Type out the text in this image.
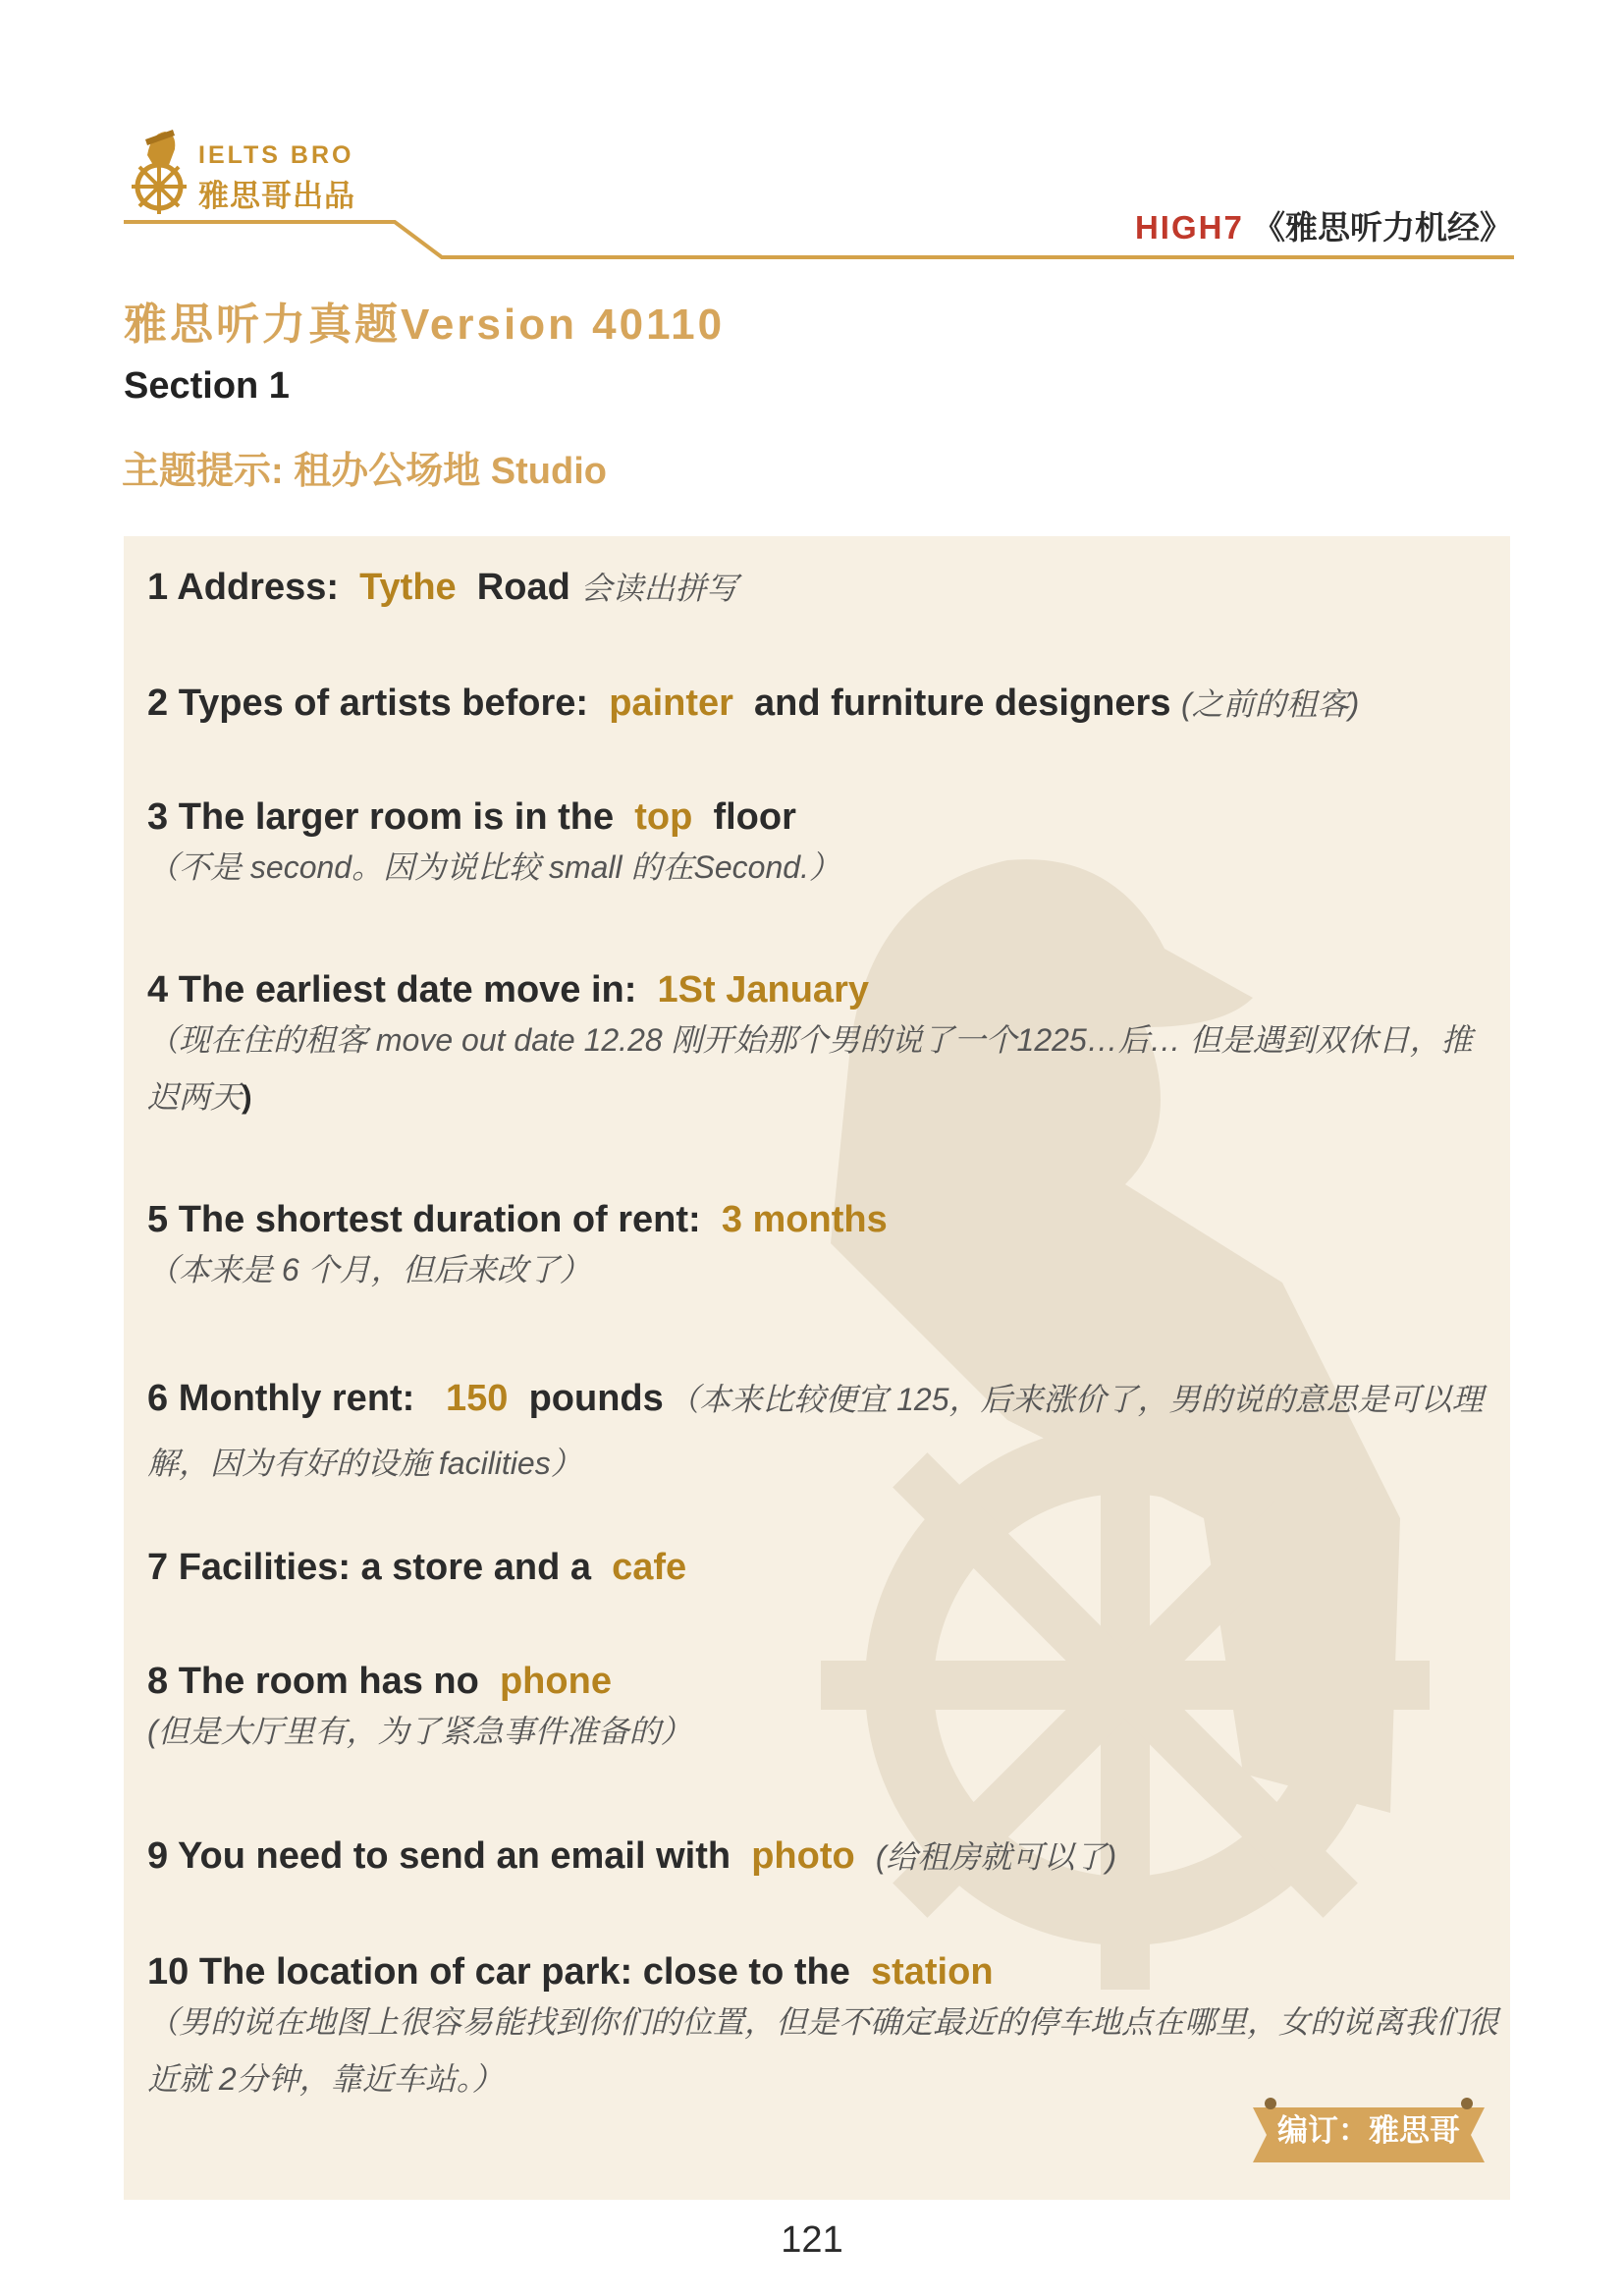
IELTS BRO
雅思哥出品
HIGH7 《雅思听力机经》
雅思听力真题Version 40110
Section 1
主题提示: 租办公场地 Studio
1 Address: Tythe Road 会读出拼写
2 Types of artists before: painter and furniture designers (之前的租客)
3 The larger room is in the top floor
（不是 second。因为说比较 small 的在Second.）
4 The earliest date move in: 1St January
（现在住的租客 move out date 12.28 刚开始那个男的说了一个1225…后… 但是遇到双休日，推迟两天)
5 The shortest duration of rent: 3 months
（本来是 6 个月，但后来改了）
6 Monthly rent: 150 pounds （本来比较便宜 125，后来涨价了，男的说的意思是可以理解，因为有好的设施 facilities）
7 Facilities: a store and a cafe
8 The room has no phone
(但是大厅里有，为了紧急事件准备的）
9 You need to send an email with photo (给租房就可以了)
10 The location of car park: close to the station
（男的说在地图上很容易能找到你们的位置，但是不确定最近的停车地点在哪里，女的说离我们很近就 2分钟，靠近车站。）
编订：雅思哥
121
